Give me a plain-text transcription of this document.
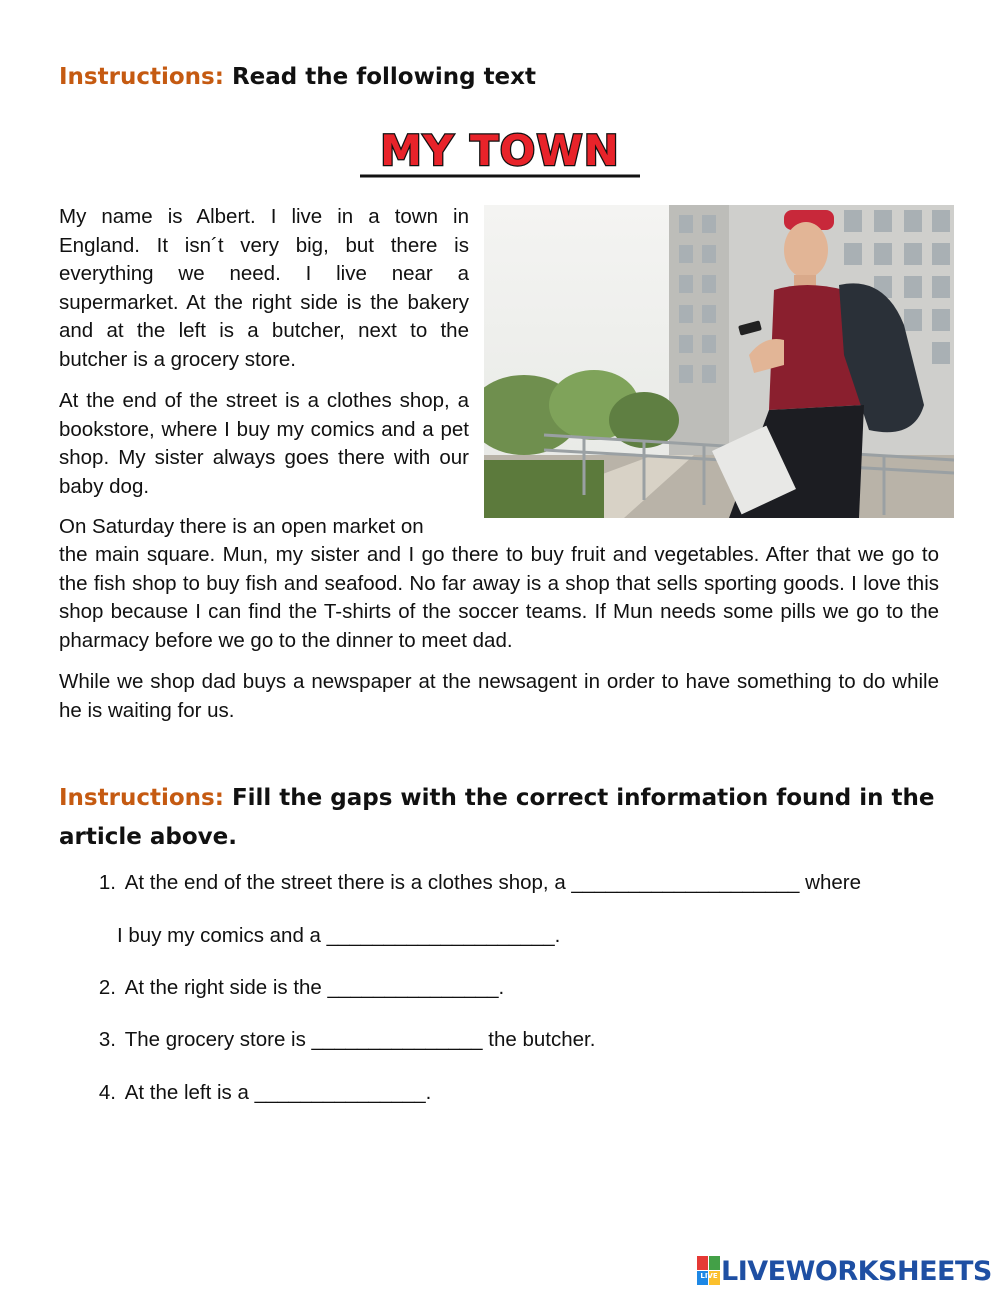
Instructions: Read the following text
MY TOWN

My name is Albert. I live in a town in England. It isn´t very big, but there is everything we need. I live near a supermarket. At the right side is the bakery and at the left is a butcher, next to the butcher is a grocery store.

At the end of the street is a clothes shop, a bookstore, where I buy my comics and a pet shop. My sister always goes there with our baby dog.

On Saturday there is an open market on

the main square. Mun, my sister and I go there to buy fruit and vegetables. After that we go to the fish shop to buy fish and seafood. No far away is a shop that sells sporting goods. I love this shop because I can find the T-shirts of the soccer teams. If Mun needs some pills we go to the pharmacy before we go to the dinner to meet dad.

While we shop dad buys a newspaper at the newsagent in order to have something to do while he is waiting for us.

Instructions: Fill the gaps with the correct information found in the article above.
1. At the end of the street there is a clothes shop, a ____________________ where
I buy my comics and a ____________________.
2. At the right side is the _______________.
3. The grocery store is _______________ the butcher.
4. At the left is a _______________.
LIVE LIVEWORKSHEETS
